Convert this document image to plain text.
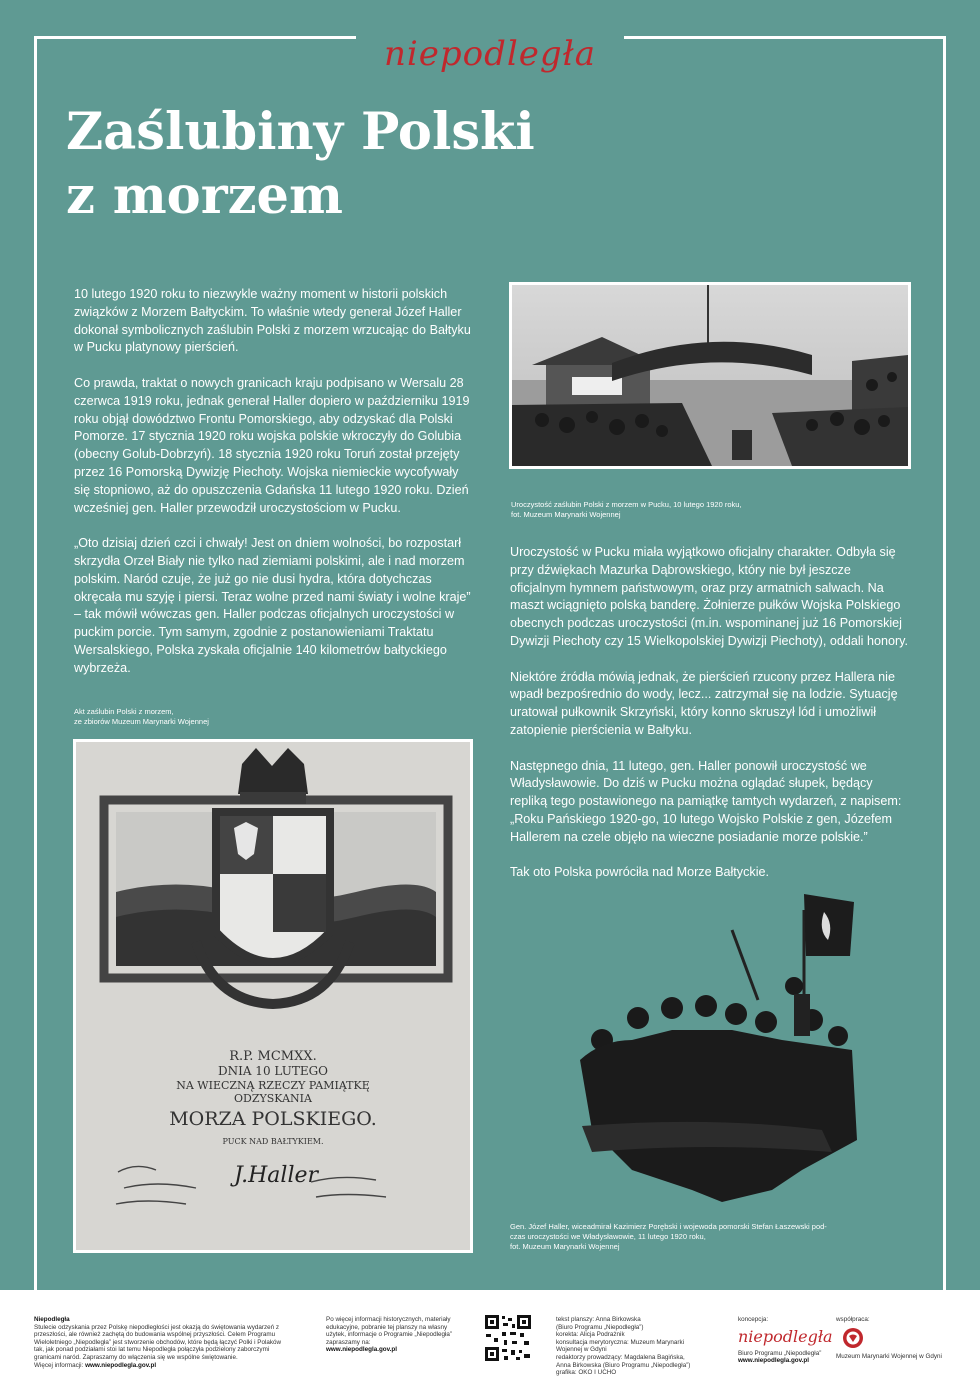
niepodległa
Zaślubiny Polski
z morzem

10 lutego 1920 roku to niezwykle ważny moment w historii polskich związków z Morzem Bałtyckim. To właśnie wtedy generał Józef Haller dokonał symbolicznych zaślubin Polski z morzem wrzucając do Bałtyku w Pucku platynowy pierścień.

Co prawda, traktat o nowych granicach kraju podpisano w Wersalu 28 czerwca 1919 roku, jednak generał Haller dopiero w październiku 1919 roku objął dowództwo Frontu Pomorskiego, aby odzyskać dla Polski Pomorze. 17 stycznia 1920 roku wojska polskie wkroczyły do Golubia (obecny Golub-Dobrzyń). 18 stycznia 1920 roku Toruń został przejęty przez 16 Pomorską Dywizję Piechoty. Wojska niemieckie wycofywały się stopniowo, aż do opuszczenia Gdańska 11 lutego 1920 roku. Dzień wcześniej gen. Haller przewodził uroczystościom w Pucku.

„Oto dzisiaj dzień czci i chwały! Jest on dniem wolności, bo rozpostarł skrzydła Orzeł Biały nie tylko nad ziemiami polskimi, ale i nad morzem polskim. Naród czuje, że już go nie dusi hydra, która dotychczas okręcała mu szyję i piersi. Teraz wolne przed nami światy i wolne kraje” – tak mówił wówczas gen. Haller podczas oficjalnych uroczystości w puckim porcie. Tym samym, zgodnie z postanowieniami Traktatu Wersalskiego, Polska zyskała oficjalnie 140 kilometrów bałtyckiego wybrzeża.

Uroczystość zaślubin Polski z morzem w Pucku, 10 lutego 1920 roku,
fot. Muzeum Marynarki Wojennej

Uroczystość w Pucku miała wyjątkowo oficjalny charakter. Odbyła się przy dźwiękach Mazurka Dąbrowskiego, który nie był jeszcze oficjalnym hymnem państwowym, oraz przy armatnich salwach. Na maszt wciągnięto polską banderę. Żołnierze pułków Wojska Polskiego obecnych podczas uroczystości (m.in. wspominanej już 16 Pomorskiej Dywizji Piechoty czy 15 Wielkopolskiej Dywizji Piechoty), oddali honory.

Niektóre źródła mówią jednak, że pierścień rzucony przez Hallera nie wpadł bezpośrednio do wody, lecz... zatrzymał się na lodzie. Sytuację uratował pułkownik Skrzyński, który konno skruszył lód i umożliwił zatopienie pierścienia w Bałtyku.

Następnego dnia, 11 lutego, gen. Haller ponowił uroczystość we Władysławowie. Do dziś w Pucku można oglądać słupek, będący repliką tego postawionego na pamiątkę tamtych wydarzeń, z napisem: „Roku Pańskiego 1920-go, 10 lutego Wojsko Polskie z gen, Józefem Hallerem na czele objęło na wieczne posiadanie morze polskie.”

Tak oto Polska powróciła nad Morze Bałtyckie.

Akt zaślubin Polski z morzem,
ze zbiorów Muzeum Marynarki Wojennej
R.P. MCMXX.
DNIA 10 LUTEGO
NA WIECZNĄ RZECZY PAMIĄTKĘ
ODZYSKANIA
MORZA POLSKIEGO.
PUCK NAD BAŁTYKIEM.
J.Haller
Gen. Józef Haller, wiceadmirał Kazimierz Porębski i wojewoda pomorski Stefan Łaszewski pod-
czas uroczystości we Władysławowie, 11 lutego 1920 roku,
fot. Muzeum Marynarki Wojennej
Niepodległa
Stulecie odzyskania przez Polskę niepodległości jest okazją do świętowania wydarzeń z przeszłości, ale również zachętą do budowania wspólnej przyszłości. Celem Programu Wieloletniego „Niepodległa” jest stworzenie obchodów, które będą łączyć Polki i Polaków tak, jak ponad podziałami stoi lat temu Niepodległa połączyła podzielony zaborczymi granicami naród. Zapraszamy do włączenia się we wspólne świętowanie.
Więcej informacji: www.niepodlegla.gov.pl
Po więcej informacji historycznych, materiały edukacyjne, pobranie tej planszy na własny użytek, informacje o Programie „Niepodległa” zapraszamy na:
www.niepodlegla.gov.pl
tekst planszy: Anna Birkowska
(Biuro Programu „Niepodległa”)
korekta: Alicja Podrażnik
konsultacja merytoryczna: Muzeum Marynarki
Wojennej w Gdyni
redaktorzy prowadzący: Magdalena Bagińska,
Anna Birkowska (Biuro Programu „Niepodległa”)
grafika: OKO I UCHO
koncepcja:

niepodległa
Biuro Programu „Niepodległa”
www.niepodlegla.gov.pl
współpraca:

Muzeum Marynarki Wojennej w Gdyni
